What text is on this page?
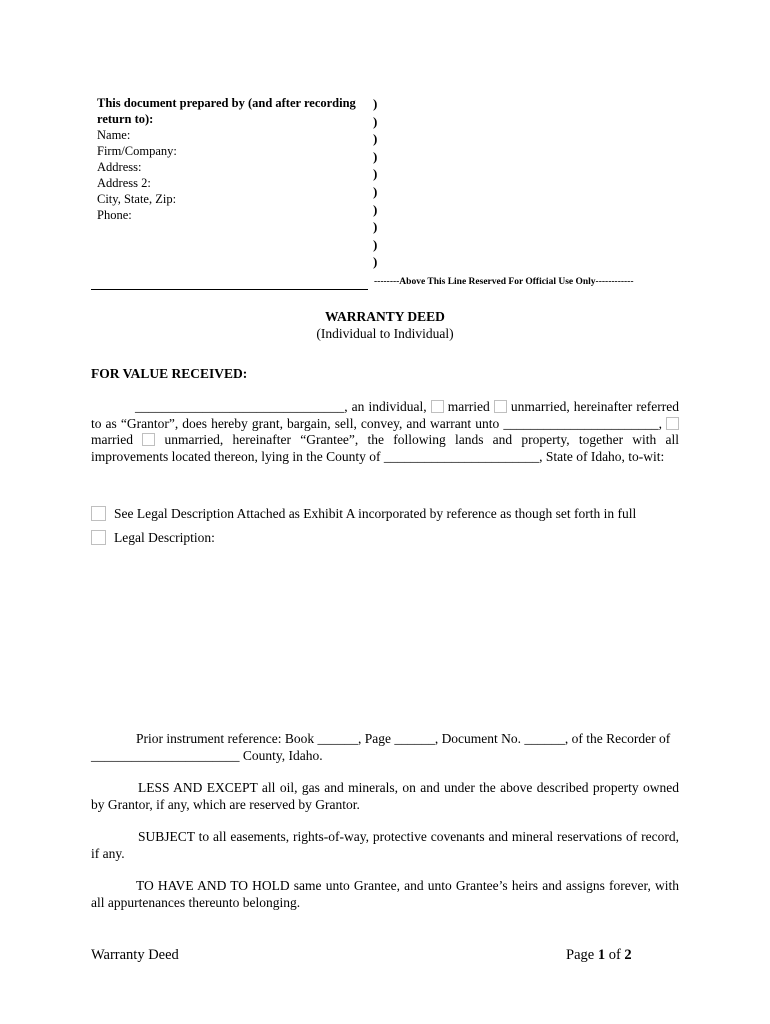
This document prepared by (and after recording
return to):
Name:
Firm/Company:
Address:
Address 2:
City, State, Zip:
Phone:
)
)
)
)
)
)
)
)
)
)
--------Above This Line Reserved For Official Use Only------------
WARRANTY DEED
(Individual to Individual)
FOR VALUE RECEIVED:
_______________________________, an individual, married unmarried, hereinafter referred to as “Grantor”, does hereby grant, bargain, sell, convey, and warrant unto _______________________,  married unmarried, hereinafter “Grantee”, the following lands and property, together with all improvements located thereon, lying in the County of _______________________, State of Idaho, to-wit:
See Legal Description Attached as Exhibit A incorporated by reference as though set forth in full
Legal Description:
Prior instrument reference: Book ______, Page ______, Document No. ______, of the Recorder of
______________________ County, Idaho.
LESS AND EXCEPT all oil, gas and minerals, on and under the above described property owned by Grantor, if any, which are reserved by Grantor.
SUBJECT to all easements, rights-of-way, protective covenants and mineral reservations of record, if any.
TO HAVE AND TO HOLD same unto Grantee, and unto Grantee’s heirs and assigns forever, with all appurtenances thereunto belonging.
Warranty Deed	Page 1 of 2
